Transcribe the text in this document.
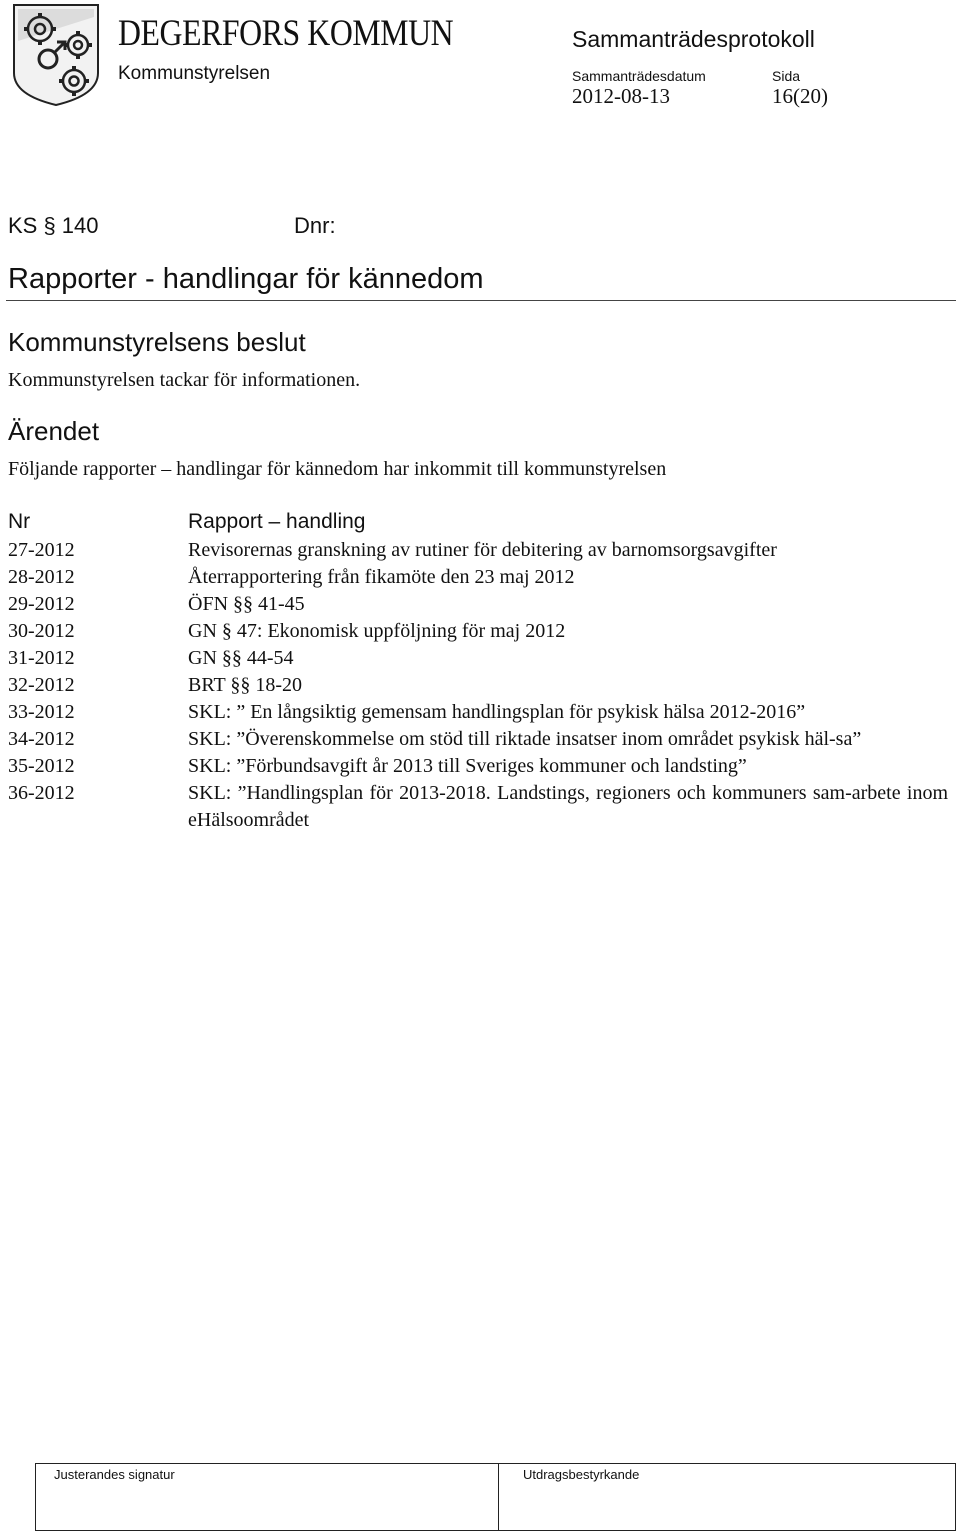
DEGERFORS KOMMUN
Kommunstyrelsen
Sammanträdesprotokoll
Sammanträdesdatum	Sida
2012-08-13	16(20)
KS § 140	Dnr:
Rapporter - handlingar för kännedom
Kommunstyrelsens beslut
Kommunstyrelsen tackar för informationen.
Ärendet
Följande rapporter – handlingar för kännedom har inkommit till kommunstyrelsen
Nr	Rapport – handling
27-2012	Revisorernas granskning av rutiner för debitering av barnomsorgsavgifter
28-2012	Återrapportering från fikamöte den 23 maj 2012
29-2012	ÖFN §§ 41-45
30-2012	GN § 47: Ekonomisk uppföljning för maj 2012
31-2012	GN §§ 44-54
32-2012	BRT §§ 18-20
33-2012	SKL: ” En långsiktig gemensam handlingsplan för psykisk hälsa 2012-2016”
34-2012	SKL: ”Överenskommelse om stöd till riktade insatser inom området psykisk häl-sa”
35-2012	SKL: ”Förbundsavgift år 2013 till Sveriges kommuner och landsting”
36-2012	SKL: ”Handlingsplan för 2013-2018. Landstings, regioners och kommuners sam-arbete inom eHälsoområdet
Justerandes signatur	Utdragsbestyrkande
